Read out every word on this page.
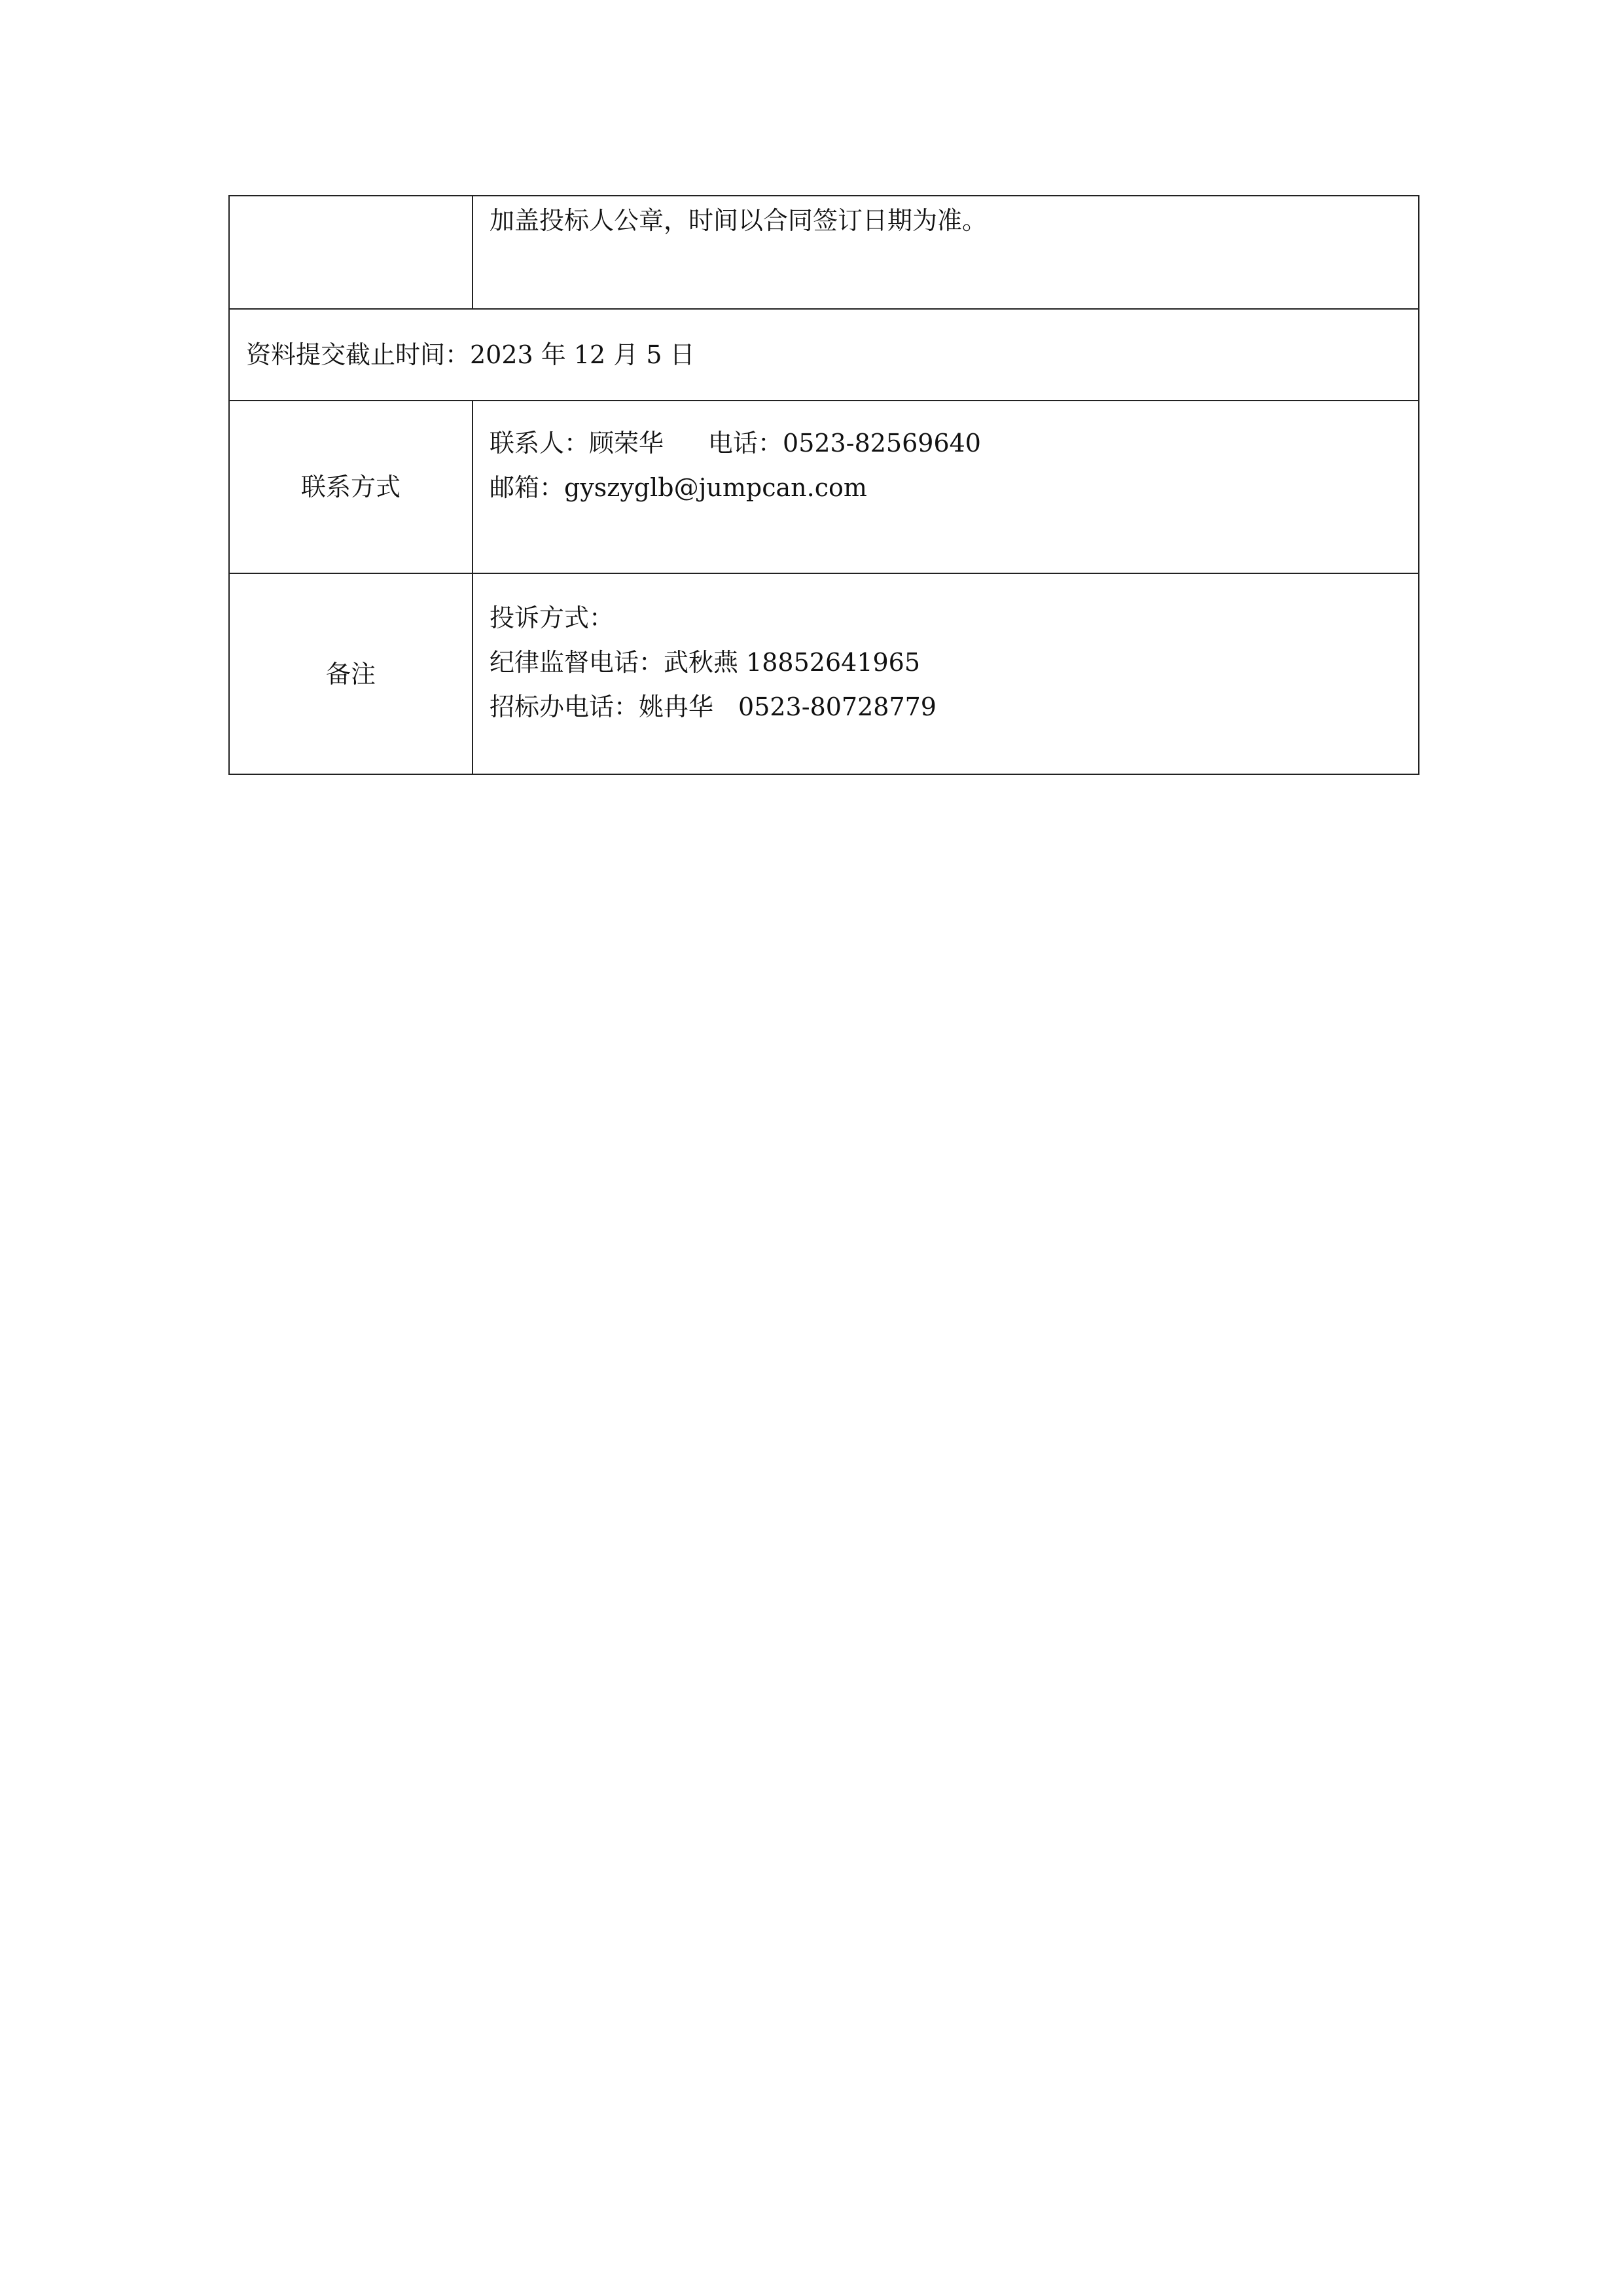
	加盖投标人公章，时间以合同签订日期为准。
资料提交截止时间：2023 年 12 月 5 日	
联系方式	联系人：顾荣华 电话：0523-82569640
邮箱：gyszyglb@jumpcan.com

备注	投诉方式：
纪律监督电话：武秋燕 18852641965
招标办电话：姚冉华 0523-80728779
